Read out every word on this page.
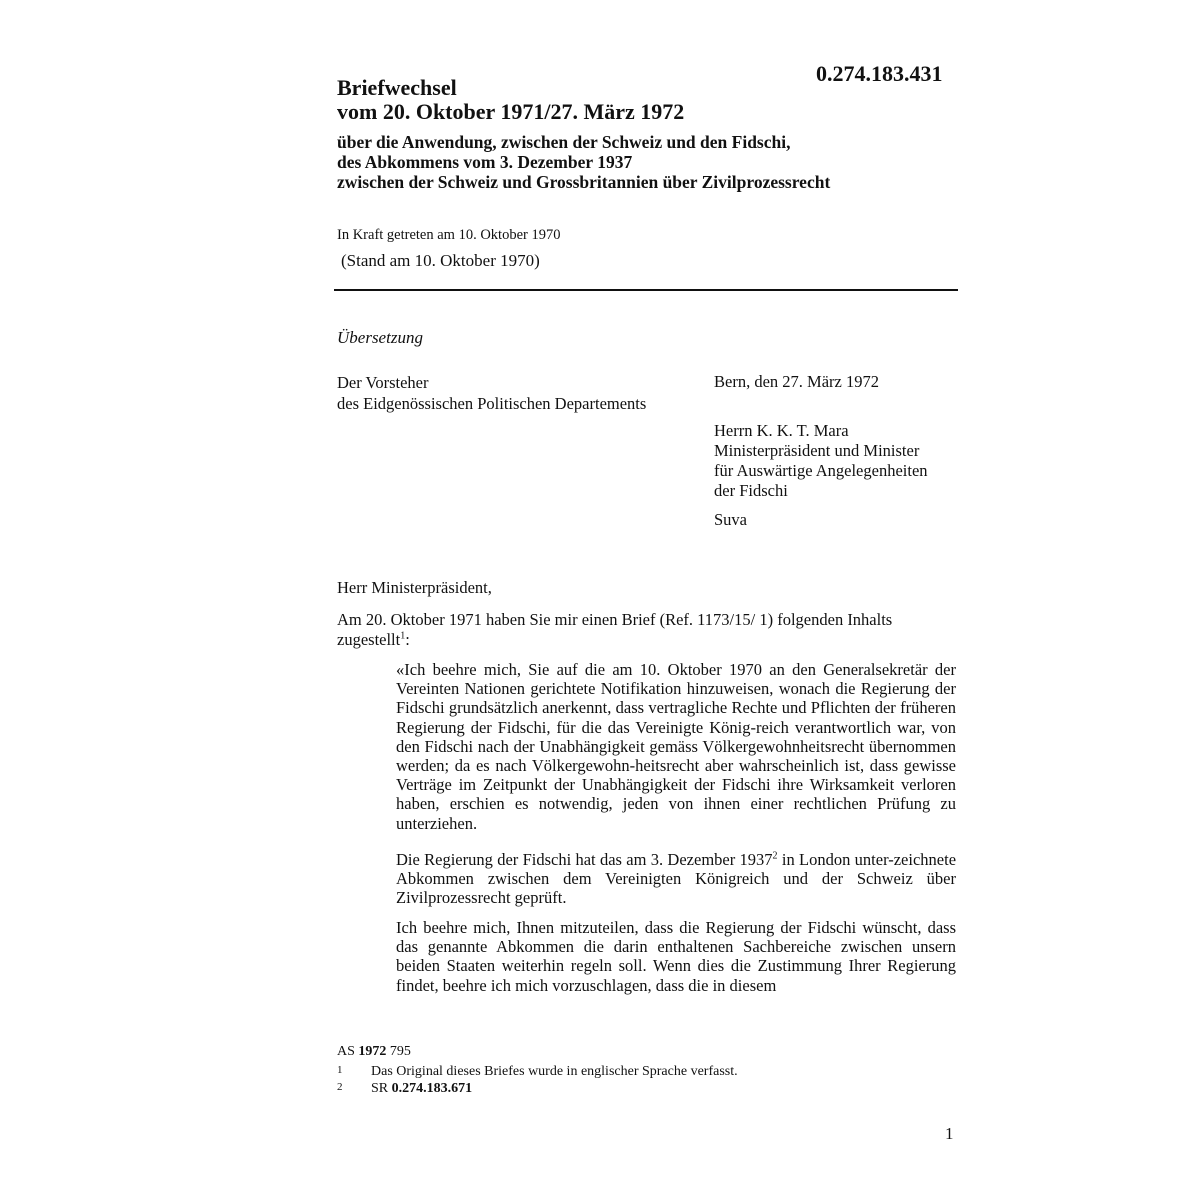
0.274.183.431
Briefwechsel
vom 20. Oktober 1971/27. März 1972
über die Anwendung, zwischen der Schweiz und den Fidschi,
des Abkommens vom 3. Dezember 1937
zwischen der Schweiz und Grossbritannien über Zivilprozessrecht
In Kraft getreten am 10. Oktober 1970
(Stand am 10. Oktober 1970)
Übersetzung
Der Vorsteher
des Eidgenössischen Politischen Departements
Bern, den 27. März 1972
Herrn K. K. T. Mara
Ministerpräsident und Minister
für Auswärtige Angelegenheiten
der Fidschi
Suva
Herr Ministerpräsident,
Am 20. Oktober 1971 haben Sie mir einen Brief (Ref. 1173/15/ 1) folgenden Inhalts zugestellt$^1$:
«Ich beehre mich, Sie auf die am 10. Oktober 1970 an den Generalsekretär der Vereinten Nationen gerichtete Notifikation hinzuweisen, wonach die Regierung der Fidschi grundsätzlich anerkennt, dass vertragliche Rechte und Pflichten der früheren Regierung der Fidschi, für die das Vereinigte König-reich verantwortlich war, von den Fidschi nach der Unabhängigkeit gemäss Völkergewohnheitsrecht übernommen werden; da es nach Völkergewohn-heitsrecht aber wahrscheinlich ist, dass gewisse Verträge im Zeitpunkt der Unabhängigkeit der Fidschi ihre Wirksamkeit verloren haben, erschien es notwendig, jeden von ihnen einer rechtlichen Prüfung zu unterziehen.
Die Regierung der Fidschi hat das am 3. Dezember 1937$^2$ in London unter-zeichnete Abkommen zwischen dem Vereinigten Königreich und der Schweiz über Zivilprozessrecht geprüft.
Ich beehre mich, Ihnen mitzuteilen, dass die Regierung der Fidschi wünscht, dass das genannte Abkommen die darin enthaltenen Sachbereiche zwischen unsern beiden Staaten weiterhin regeln soll. Wenn dies die Zustimmung Ihrer Regierung findet, beehre ich mich vorzuschlagen, dass die in diesem
AS 1972 795
1 Das Original dieses Briefes wurde in englischer Sprache verfasst.
2 SR 0.274.183.671
1
